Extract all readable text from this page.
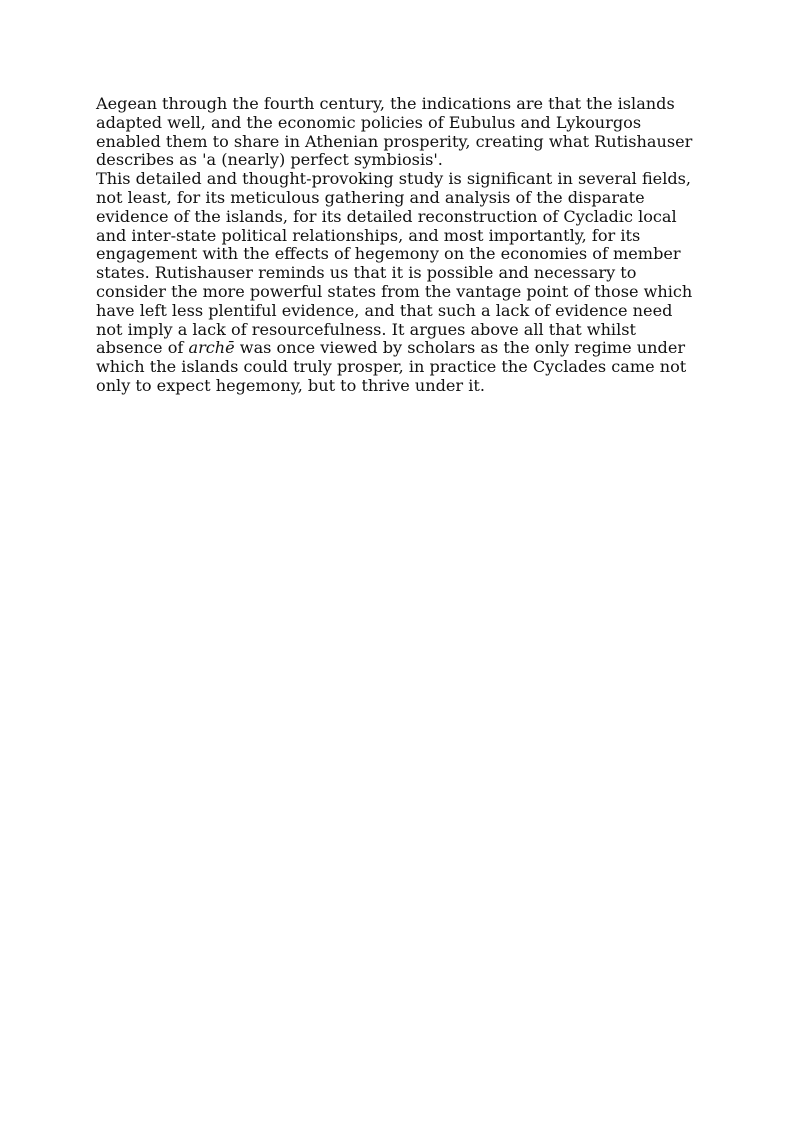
Aegean through the fourth century, the indications are that the islands
adapted well, and the economic policies of Eubulus and Lykourgos
enabled them to share in Athenian prosperity, creating what Rutishauser
describes as 'a (nearly) perfect symbiosis'.

This detailed and thought-provoking study is significant in several fields,
not least, for its meticulous gathering and analysis of the disparate
evidence of the islands, for its detailed reconstruction of Cycladic local
and inter-state political relationships, and most importantly, for its
engagement with the effects of hegemony on the economies of member
states. Rutishauser reminds us that it is possible and necessary to
consider the more powerful states from the vantage point of those which
have left less plentiful evidence, and that such a lack of evidence need
not imply a lack of resourcefulness. It argues above all that whilst
absence of archē was once viewed by scholars as the only regime under
which the islands could truly prosper, in practice the Cyclades came not
only to expect hegemony, but to thrive under it.
